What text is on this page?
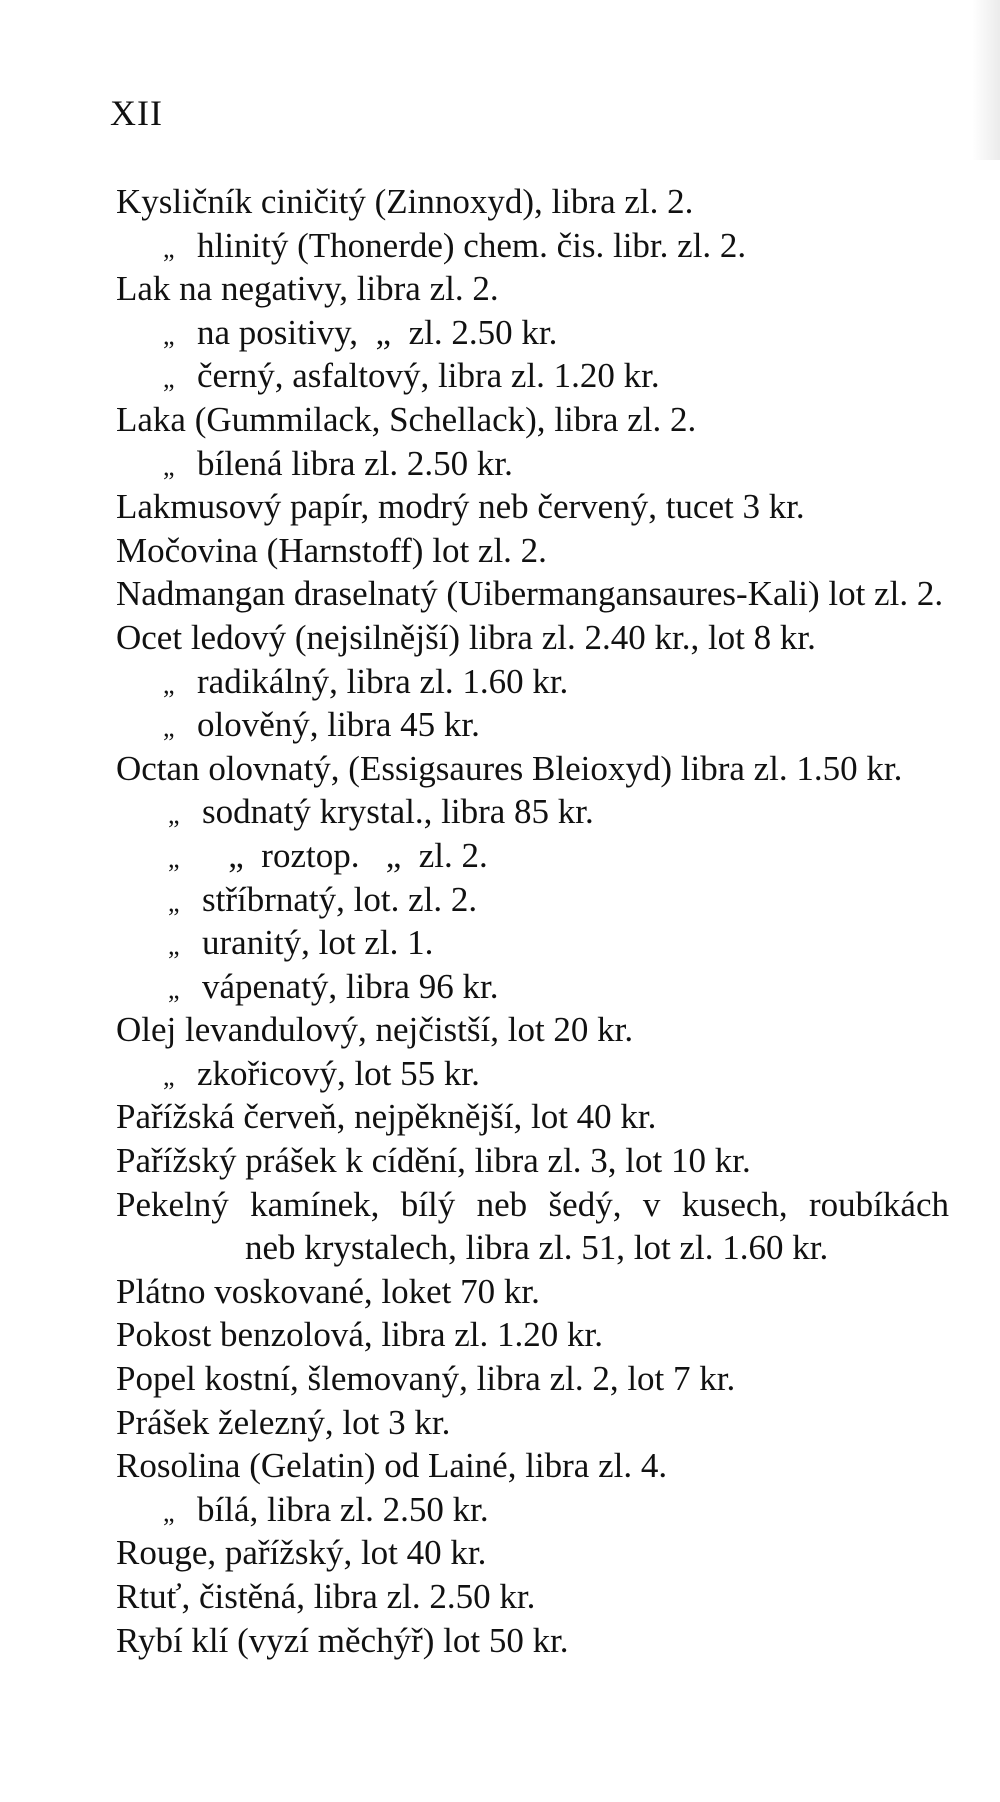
XII
Kysličník ciničitý (Zinnoxyd), libra zl. 2.
„ hlinitý (Thonerde) chem. čis. libr. zl. 2.
Lak na negativy, libra zl. 2.
„ na positivy,  „  zl. 2.50 kr.
„ černý, asfaltový, libra zl. 1.20 kr.
Laka (Gummilack, Schellack), libra zl. 2.
„ bílená libra zl. 2.50 kr.
Lakmusový papír, modrý neb červený, tucet 3 kr.
Močovina (Harnstoff) lot zl. 2.
Nadmangan draselnatý (Uibermangansaures-Kali) lot zl. 2.
Ocet ledový (nejsilnější) libra zl. 2.40 kr., lot 8 kr.
„ radikálný, libra zl. 1.60 kr.
„ olověný, libra 45 kr.
Octan olovnatý, (Essigsaures Bleioxyd) libra zl. 1.50 kr.
„ sodnatý krystal., libra 85 kr.
„   „  roztop.   „  zl. 2.
„ stříbrnatý, lot. zl. 2.
„ uranitý, lot zl. 1.
„ vápenatý, libra 96 kr.
Olej levandulový, nejčistší, lot 20 kr.
„ zkořicový, lot 55 kr.
Pařížská červeň, nejpěknější, lot 40 kr.
Pařížský prášek k cídění, libra zl. 3, lot 10 kr.
Pekelný kamínek, bílý neb šedý, v kusech, roubíkách
neb krystalech, libra zl. 51, lot zl. 1.60 kr.
Plátno voskované, loket 70 kr.
Pokost benzolová, libra zl. 1.20 kr.
Popel kostní, šlemovaný, libra zl. 2, lot 7 kr.
Prášek železný, lot 3 kr.
Rosolina (Gelatin) od Lainé, libra zl. 4.
„ bílá, libra zl. 2.50 kr.
Rouge, pařížský, lot 40 kr.
Rtuť, čistěná, libra zl. 2.50 kr.
Rybí klí (vyzí měchýř) lot 50 kr.
